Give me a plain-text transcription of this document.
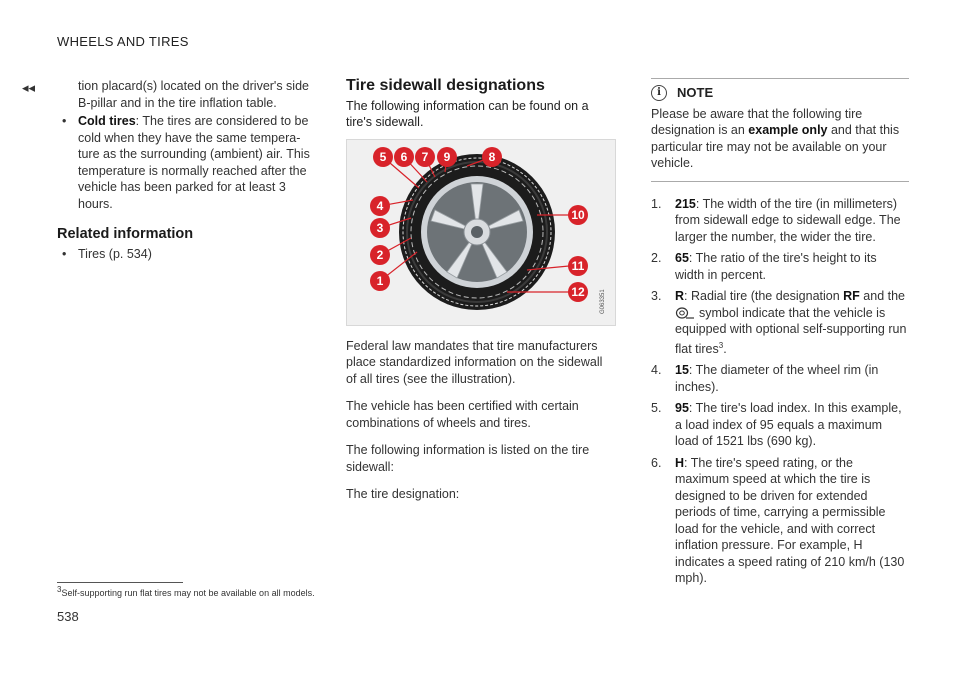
WHEELS AND TIRES
◂◂	tion placard(s) located on the driver's side B-pillar and in the tire inflation table.
• Cold tires: The tires are considered to be cold when they have the same temperature as the surrounding (ambient) air. This temperature is normally reached after the vehicle has been parked for at least 3 hours.
Related information
• Tires (p. 534)
Tire sidewall designations
The following information can be found on a tire's sidewall.
5 6 7 9	8
4
3
2
1
10
11
12	G063351

Federal law mandates that tire manufacturers place standardized information on the sidewall of all tires (see the illustration).

The vehicle has been certified with certain combinations of wheels and tires.

The following information is listed on the tire sidewall:

The tire designation:

i	NOTE
Please be aware that the following tire designation is an example only and that this particular tire may not be available on your vehicle.
1. 215: The width of the tire (in millimeters) from sidewall edge to sidewall edge. The larger the number, the wider the tire.
2. 65: The ratio of the tire's height to its width in percent.
3. R: Radial tire (the designation RF and the
symbol indicate that the vehicle is equipped with optional self-supporting run flat tires$^3$.
4. 15: The diameter of the wheel rim (in inches).
5. 95: The tire's load index. In this example, a load index of 95 equals a maximum load of 1521 lbs (690 kg).
6. H: The tire's speed rating, or the maximum speed at which the tire is designed to be driven for extended periods of time, carrying a permissible load for the vehicle, and with correct inflation pressure. For example, H indicates a speed rating of 210 km/h (130 mph).
$^3$Self-supporting run flat tires may not be available on all models.
538
